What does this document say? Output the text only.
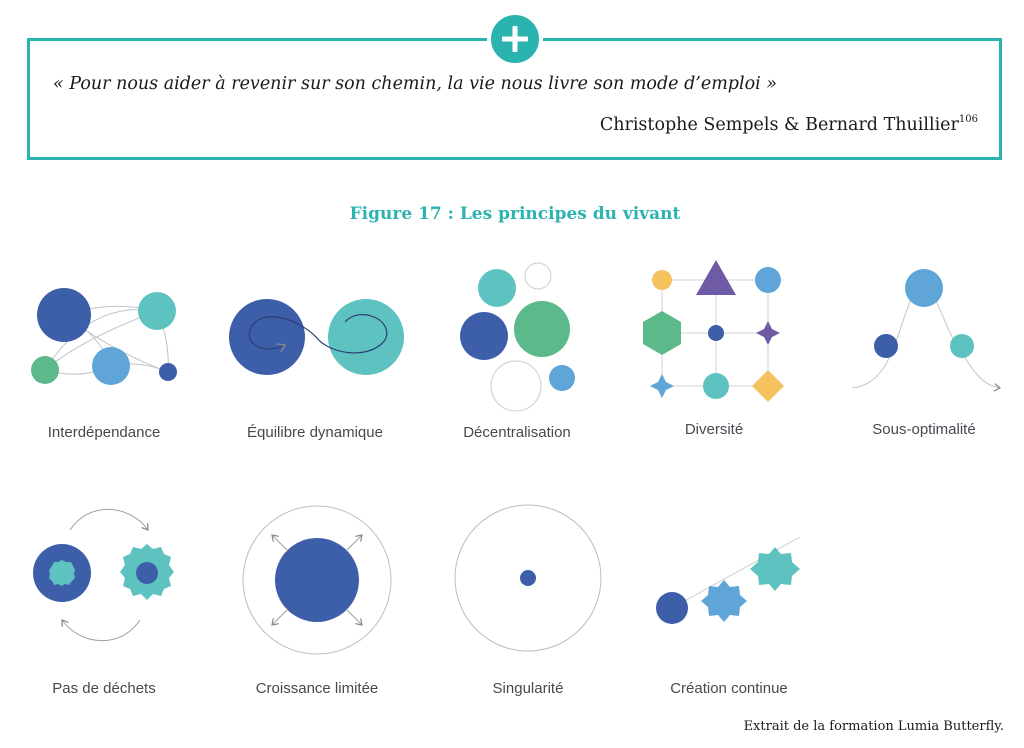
« Pour nous aider à revenir sur son chemin, la vie nous livre son mode d’emploi »
Christophe Sempels & Bernard Thuillier$^{106}$
Figure 17 : Les principes du vivant
Interdépendance	Équilibre dynamique	Décentralisation	Diversité	Sous-optimalité
Pas de déchets	Croissance limitée	Singularité	Création continue
Extrait de la formation Lumia Butterfly.
